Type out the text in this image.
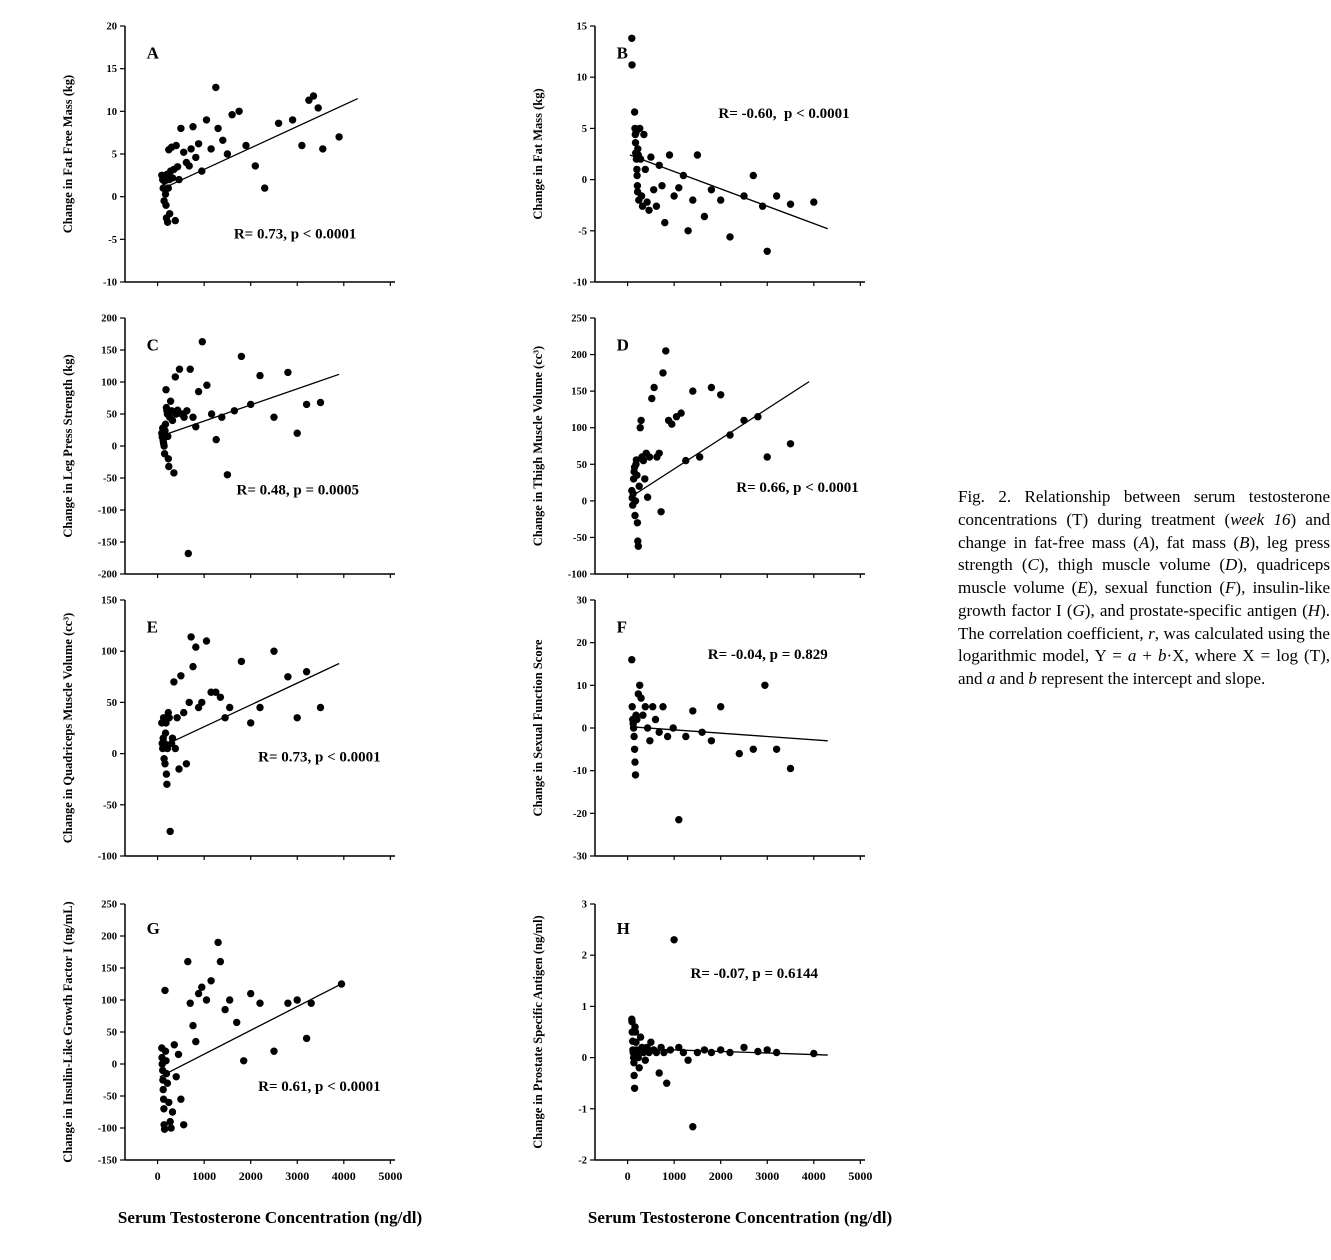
20
15
10
5
0
-5
-10
Change in Fat Free Mass (kg)
A
R= 0.73, p < 0.0001
15
10
5
0
-5
-10
Change in Fat Mass (kg)
B
R= -0.60,  p < 0.0001
200
150
100
50
0
-50
-100
-150
-200
Change in Leg Press Strength (kg)
C
R= 0.48, p = 0.0005
250
200
150
100
50
0
-50
-100
Change in Thigh Muscle Volume (cc³)
D
R= 0.66, p < 0.0001
150
100
50
0
-50
-100
Change in Quadriceps Muscle Volume (cc³)	E
R= 0.73, p < 0.0001
30
20
10
0
-10
-20
-30
Change in Sexual Function Score
F
R= -0.04, p = 0.829
250
200
150
100
50
0
-50
-100
-150
0	1000 2000 3000 4000 5000
Change in Insulin-Like Growth Factor I (ng/mL)	G
R= 0.61, p < 0.0001
3
2
1
0
-1
-2
0	1000 2000 3000 4000 5000
Change in Prostate Specific Antigen (ng/ml)	H
R= -0.07, p = 0.6144
Serum Testosterone Concentration (ng/dl)	Serum Testosterone Concentration (ng/dl)
Fig. 2. Relationship between serum testosterone concentrations (T) during treatment (week 16) and change in fat-free mass (A), fat mass (B), leg press strength (C), thigh muscle volume (D), quadriceps muscle volume (E), sexual function (F), insulin-like growth factor I (G), and prostate-specific antigen (H). The correlation coefficient, r, was calculated using the logarithmic model, Y = a + b·X, where X = log (T), and a and b represent the intercept and slope.
